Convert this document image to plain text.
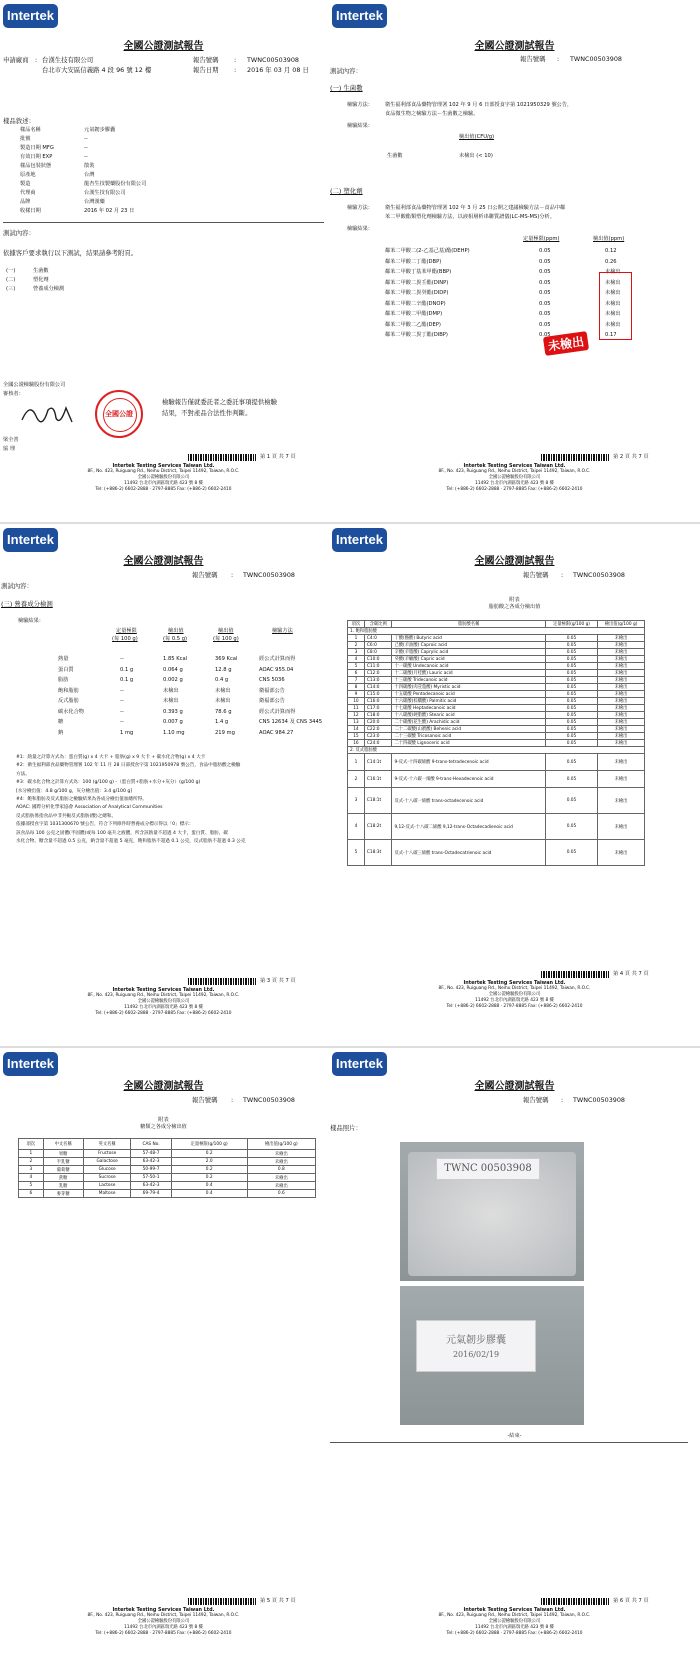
Intertek
全國公證測試報告
申請廠商 : 台漢生技有限公司
台北市大安區信義路 4 段 96 號 12 樓
報告號碼 : TWNC00503908
報告日期 : 2016 年 03 月 08 日
樣品敘述：
樣品名稱	元氣韌步膠囊
批號	--
製造日期 MFG	--
有效日期 EXP	--
樣品包裝狀態	散裝
原產地	台灣
製造	龍杏生技製藥股份有限公司
代理商	台漢生技有限公司
品牌	台灣漢藥
收樣日期	2016 年 02 月 23 日
測試內容：
依據客戶要求執行以下測試，結果請參考附頁。
(一)	生菌數
(二)	塑化劑
(三)	營養成分檢測
全國公證檢驗股份有限公司
審核者：
全國公證
梁全善
協 理
檢驗報告僅就委託者之委託事項提供檢驗
結果，不對產品合法性作判斷。
第 1 頁 共 7 頁
Intertek Testing Services Taiwan Ltd.
8F., No. 423, Ruiguang Rd., Neihu District, Taipei 11492, Taiwan, R.O.C.
全國公證檢驗股份有限公司
11492 台北市內湖區瑞光路 423 號 8 樓
Tel: (+886-2) 6602-2888 · 2797-8885 Fax: (+886-2) 6602-2410
Intertek
全國公證測試報告
報告號碼 : TWNC00503908
測試內容：
(一) 生菌數
檢驗方法： 衛生福利部食品藥物管理署 102 年 9 月 6 日部授食字第 1021950329 號公告，
食品微生物之檢驗方法－生菌數之檢驗。
檢驗結果：
檢出值(CFU/g)
生菌數	未檢出 (< 10)
(二) 塑化劑
檢驗方法： 衛生福利部食品藥物管理署 102 年 3 月 25 日公開之建議檢驗方法－食品中鄰
苯二甲酸酯類塑化劑檢驗方法，以液相層析串聯質譜儀(LC-MS-MS)分析。
檢驗結果：
定量極限(ppm)	檢出值(ppm)
鄰苯二甲酸二(2-乙基己基)酯(DEHP)	0.05	0.12
鄰苯二甲酸二丁酯(DBP)	0.05	0.26
鄰苯二甲酸丁基苯甲酯(BBP)	0.05	未檢出
鄰苯二甲酸二異壬酯(DINP)	0.05	未檢出
鄰苯二甲酸二異癸酯(DIDP)	0.05	未檢出
鄰苯二甲酸二辛酯(DNOP)	0.05	未檢出
鄰苯二甲酸二甲酯(DMP)	0.05	未檢出
鄰苯二甲酸二乙酯(DEP)	0.05	未檢出
鄰苯二甲酸二異丁酯(DIBP)	0.05	0.17
未檢出
第 2 頁 共 7 頁
Intertek Testing Services Taiwan Ltd.
8F., No. 423, Ruiguang Rd., Neihu District, Taipei 11492, Taiwan, R.O.C.
全國公證檢驗股份有限公司
11492 台北市內湖區瑞光路 423 號 8 樓
Tel: (+886-2) 6602-2888 · 2797-8885 Fax: (+886-2) 6602-2410
Intertek
全國公證測試報告
報告號碼 : TWNC00503908
測試內容：
(三) 營養成分檢測
檢驗結果：
定量極限
(每 100 g)
檢出值
(每 0.5 g)
檢出值
(每 100 g)
檢驗方法
熱量	--	1.85 Kcal	369 Kcal	經公式計算而得
蛋白質	0.1 g	0.064 g	12.8 g	AOAC 955.04
脂肪	0.1 g	0.002 g	0.4 g	CNS 5036
飽和脂肪	--	未檢出	未檢出	衛福部公告
反式脂肪	--	未檢出	未檢出	衛福部公告
碳水化合物	--	0.393 g	78.6 g	經公式計算而得
糖	--	0.007 g	1.4 g	CNS 12634 及 CNS 3445
鈉	1 mg	1.10 mg	219 mg	AOAC 984.27
#1：熱量之計算方式為：蛋白質(g) x 4 大卡 + 脂肪(g) x 9 大卡 + 碳水化合物(g) x 4 大卡
#2：衛生福利部食品藥物管理署 102 年 11 月 28 日部授食字第 1021950978 號公告，食品中脂肪酸之檢驗
方法。
#3：碳水化合物之計算方式為：100 (g/100 g) -（蛋白質+脂肪+水分+灰分）(g/100 g)
[水分檢出值：4.8 g/100 g，灰分檢出值：3.4 g/100 g]
#4：飽和脂肪及反式脂肪之檢驗結果為各成分檢出值加總所得。
AOAC: 國際分析化學家協會 Association of Analytical Communities
反式脂肪係指食品中非共軛反式脂肪(酸)之總和。
依據部授食字第 1031300670 號公告，符合下列條件時營養成分標示得以「0」標示：
該食品每 100 公克之固體(半固體)或每 100 毫升之液體，所含該熱量不超過 4 大卡，蛋白質、脂肪、碳
水化合物、糖含量不超過 0.5 公克，鈉含量不超過 5 毫克，飽和脂肪不超過 0.1 公克，反式脂肪不超過 0.3 公克
第 3 頁 共 7 頁
Intertek Testing Services Taiwan Ltd.
8F., No. 423, Ruiguang Rd., Neihu District, Taipei 11492, Taiwan, R.O.C.
全國公證檢驗股份有限公司
11492 台北市內湖區瑞光路 423 號 8 樓
Tel: (+886-2) 6602-2888 · 2797-8885 Fax: (+886-2) 6602-2410
Intertek
全國公證測試報告
報告號碼 : TWNC00503908
附表
脂肪酸之各成分檢出值
項次	含碳比例	脂肪酸名稱	定量極限(g/100 g)	檢出值(g/100 g)
1. 飽和脂肪酸				
1	C4:0	丁酸(酪酸) Butyric acid	0.05	未檢出
2	C6:0	己酸(羊油酸) Caproic acid	0.05	未檢出
3	C8:0	辛酸(羊脂酸) Caprylic acid	0.05	未檢出
4	C10:0	癸酸(羊蠟酸) Capric acid	0.05	未檢出
5	C11:0	十一碳酸 Undecanoic acid	0.05	未檢出
6	C12:0	十二碳酸(月桂酸) Lauric acid	0.05	未檢出
7	C13:0	十三碳酸 Tridecanoic acid	0.05	未檢出
8	C14:0	十四碳酸(肉荳蔻酸) Myristic acid	0.05	未檢出
9	C15:0	十五碳酸 Pentadecanoic acid	0.05	未檢出
10	C16:0	十六碳酸(棕櫚酸) Palmitic acid	0.05	未檢出
11	C17:0	十七碳酸 Heptadecanoic acid	0.05	未檢出
12	C18:0	十八碳酸(硬脂酸) Stearic acid	0.05	未檢出
13	C20:0	二十碳酸(花生酸) Arachidic acid	0.05	未檢出
14	C22:0	二十二碳酸(山嵛酸) Behenic acid	0.05	未檢出
15	C23:0	二十三碳酸 Tricosanoic acid	0.05	未檢出
16	C24:0	二十四碳酸 Lignoceric acid	0.05	未檢出
2. 反式脂肪酸				
1	C14:1t	9-反式-十四碳烯酸 9-trans-tetradecenoic acid	0.05	未檢出
2	C16:1t	9-反式-十六碳一烯酸 9-trans-Hexadecenoic acid	0.05	未檢出
3	C18:1t	反式-十八碳一烯酸 trans-octadecenoic acid	0.05	未檢出
4	C18:2t	9,12-反式-十八碳二烯酸 9,12-trans-Octadecadienoic acid	0.05	未檢出
5	C18:3t	反式-十八碳三烯酸 trans-Octadecatrienoic acid	0.05	未檢出
第 4 頁 共 7 頁
Intertek Testing Services Taiwan Ltd.
8F., No. 423, Ruiguang Rd., Neihu District, Taipei 11492, Taiwan, R.O.C.
全國公證檢驗股份有限公司
11492 台北市內湖區瑞光路 423 號 8 樓
Tel: (+886-2) 6602-2888 · 2797-8885 Fax: (+886-2) 6602-2410
Intertek
全國公證測試報告
報告號碼 : TWNC00503908
附表
糖類之各成分檢出值
項次	中文名稱	英文名稱	CAS No.	定量極限(g/100 g)	檢出值(g/100 g)
1	果糖	Fructose	57-48-7	0.2	未檢出
2	半乳糖	Galactose	63-42-3	2.0	未檢出
3	葡萄糖	Glucose	50-99-7	0.2	0.8
4	蔗糖	Sucrose	57-50-1	0.2	未檢出
5	乳糖	Lactose	63-42-3	0.4	未檢出
6	麥芽糖	Maltose	69-79-4	0.4	0.6
第 5 頁 共 7 頁
Intertek Testing Services Taiwan Ltd.
8F., No. 423, Ruiguang Rd., Neihu District, Taipei 11492, Taiwan, R.O.C.
全國公證檢驗股份有限公司
11492 台北市內湖區瑞光路 423 號 8 樓
Tel: (+886-2) 6602-2888 · 2797-8885 Fax: (+886-2) 6602-2410
Intertek
全國公證測試報告
報告號碼 : TWNC00503908
樣品照片：
TWNC 00503908
元氣韌步膠囊
2016/02/19
-結束-
第 6 頁 共 7 頁
Intertek Testing Services Taiwan Ltd.
8F., No. 423, Ruiguang Rd., Neihu District, Taipei 11492, Taiwan, R.O.C.
全國公證檢驗股份有限公司
11492 台北市內湖區瑞光路 423 號 8 樓
Tel: (+886-2) 6602-2888 · 2797-8885 Fax: (+886-2) 6602-2410
